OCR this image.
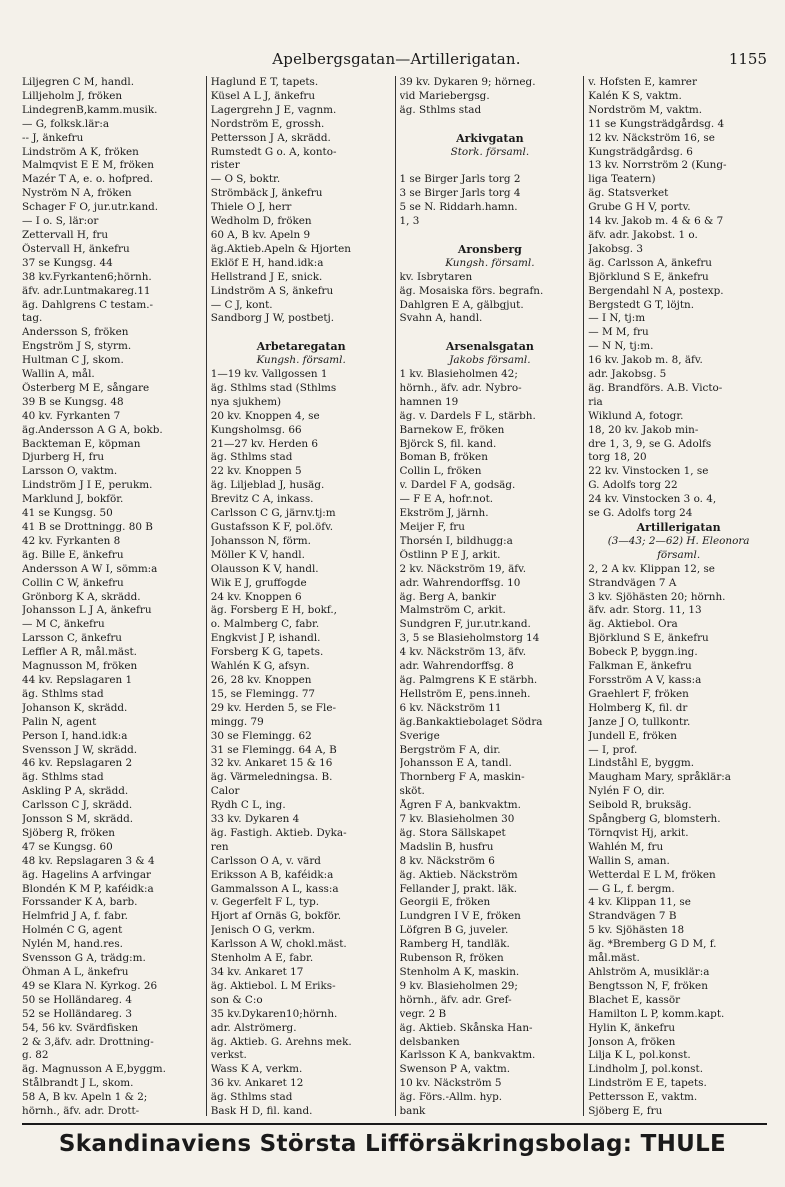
Apelbergsgatan—Artillerigatan.	1155
Liljegren C M, handl.
Lilljeholm J, fröken
LindegrenB,kamm.musik.
— G, folksk.lär:a
-- J, änkefru
Lindström A K, fröken
Malmqvist E E M, fröken
Mazér T A, e. o. hofpred.
Nyström N A, fröken
Schager F O, jur.utr.kand.
— I o. S, lär:or
Zettervall H, fru
Östervall H, änkefru
37 se Kungsg. 44
38 kv.Fyrkanten6;hörnh.
äfv. adr.Luntmakareg.11
äg. Dahlgrens C testam.-
tag.
Andersson S, fröken
Engström J S, styrm.
Hultman C J, skom.
Wallin A, mål.
Österberg M E, sångare
39 B se Kungsg. 48
40 kv. Fyrkanten 7
äg.Andersson A G A, bokb.
Backteman E, köpman
Djurberg H, fru
Larsson O, vaktm.
Lindström J I E, perukm.
Marklund J, bokför.
41 se Kungsg. 50
41 B se Drottningg. 80 B
42 kv. Fyrkanten 8
äg. Bille E, änkefru
Andersson A W I, sömm:a
Collin C W, änkefru
Grönborg K A, skrädd.
Johansson L J A, änkefru
— M C, änkefru
Larsson C, änkefru
Leffler A R, mål.mäst.
Magnusson M, fröken
44 kv. Repslagaren 1
äg. Sthlms stad
Johanson K, skrädd.
Palin N, agent
Person I, hand.idk:a
Svensson J W, skrädd.
46 kv. Repslagaren 2
äg. Sthlms stad
Askling P A, skrädd.
Carlsson C J, skrädd.
Jonsson S M, skrädd.
Sjöberg R, fröken
47 se Kungsg. 60
48 kv. Repslagaren 3 & 4
äg. Hagelins A arfvingar
Blondén K M P, kaféidk:a
Forssander K A, barb.
Helmfrid J A, f. fabr.
Holmén C G, agent
Nylén M, hand.res.
Svensson G A, trädg:m.
Öhman A L, änkefru
49 se Klara N. Kyrkog. 26
50 se Holländareg. 4
52 se Holländareg. 3
54, 56 kv. Svärdfisken
2 & 3,äfv. adr. Drottning-
g. 82
äg. Magnusson A E,byggm.
Stålbrandt J L, skom.
58 A, B kv. Apeln 1 & 2;
hörnh., äfv. adr. Drott-
Haglund E T, tapets.
Küsel A L J, änkefru
Lagergrehn J E, vagnm.
Nordström E, grossh.
Pettersson J A, skrädd.
Rumstedt G o. A, konto-
rister
— O S, boktr.
Strömbäck J, änkefru
Thiele O J, herr
Wedholm D, fröken
60 A, B kv. Apeln 9
äg.Aktieb.Apeln & Hjorten
Eklöf E H, hand.idk:a
Hellstrand J E, snick.
Lindström A S, änkefru
— C J, kont.
Sandborg J W, postbetj.

Arbetaregatan
Kungsh. församl.
1—19 kv. Vallgossen 1
äg. Sthlms stad (Sthlms
nya sjukhem)
20 kv. Knoppen 4, se
Kungsholmsg. 66
21—27 kv. Herden 6
äg. Sthlms stad
22 kv. Knoppen 5
äg. Liljeblad J, husäg.
Brevitz C A, inkass.
Carlsson C G, järnv.tj:m
Gustafsson K F, pol.öfv.
Johansson N, förm.
Möller K V, handl.
Olausson K V, handl.
Wik E J, gruffogde
24 kv. Knoppen 6
äg. Forsberg E H, bokf.,
o. Malmberg C, fabr.
Engkvist J P, ishandl.
Forsberg K G, tapets.
Wahlén K G, afsyn.
26, 28 kv. Knoppen
15, se Flemingg. 77
29 kv. Herden 5, se Fle-
mingg. 79
30 se Flemingg. 62
31 se Flemingg. 64 A, B
32 kv. Ankaret 15 & 16
äg. Värmeledningsa. B.
Calor
Rydh C L, ing.
33 kv. Dykaren 4
äg. Fastigh. Aktieb. Dyka-
ren
Carlsson O A, v. värd
Eriksson A B, kaféidk:a
Gammalsson A L, kass:a
v. Gegerfelt F L, typ.
Hjort af Ornäs G, bokför.
Jenisch O G, verkm.
Karlsson A W, chokl.mäst.
Stenholm A E, fabr.
34 kv. Ankaret 17
äg. Aktiebol. L M Eriks-
son & C:o
35 kv.Dykaren10;hörnh.
adr. Alströmerg.
äg. Aktieb. G. Arehns mek.
verkst.
Wass K A, verkm.
36 kv. Ankaret 12
äg. Sthlms stad
Bask H D, fil. kand.
39 kv. Dykaren 9; hörneg.
vid Mariebergsg.
äg. Sthlms stad

Arkivgatan
Stork. församl.

1 se Birger Jarls torg 2
3 se Birger Jarls torg 4
5 se N. Riddarh.hamn.
1, 3

Aronsberg
Kungsh. församl.
kv. Isbrytaren
äg. Mosaiska förs. begrafn.
Dahlgren E A, gälbgjut.
Svahn A, handl.

Arsenalsgatan
Jakobs församl.
1 kv. Blasieholmen 42;
hörnh., äfv. adr. Nybro-
hamnen 19
äg. v. Dardels F L, stärbh.
Barnekow E, fröken
Björck S, fil. kand.
Boman B, fröken
Collin L, fröken
v. Dardel F A, godsäg.
— F E A, hofr.not.
Ekström J, järnh.
Meijer F, fru
Thorsén I, bildhugg:a
Östlinn P E J, arkit.
2 kv. Näckström 19, äfv.
adr. Wahrendorffsg. 10
äg. Berg A, bankir
Malmström C, arkit.
Sundgren F, jur.utr.kand.
3, 5 se Blasieholmstorg 14
4 kv. Näckström 13, äfv.
adr. Wahrendorffsg. 8
äg. Palmgrens K E stärbh.
Hellström E, pens.inneh.
6 kv. Näckström 11
äg.Bankaktiebolaget Södra
Sverige
Bergström F A, dir.
Johansson E A, tandl.
Thornberg F A, maskin-
sköt.
Ågren F A, bankvaktm.
7 kv. Blasieholmen 30
äg. Stora Sällskapet
Madslin B, husfru
8 kv. Näckström 6
äg. Aktieb. Näckström
Fellander J, prakt. läk.
Georgii E, fröken
Lundgren I V E, fröken
Löfgren B G, juveler.
Ramberg H, tandläk.
Rubenson R, fröken
Stenholm A K, maskin.
9 kv. Blasieholmen 29;
hörnh., äfv. adr. Gref-
vegr. 2 B
äg. Aktieb. Skånska Han-
delsbanken
Karlsson K A, bankvaktm.
Swenson P A, vaktm.
10 kv. Näckström 5
äg. Förs.-Allm. hyp.
bank
v. Hofsten E, kamrer
Kalén K S, vaktm.
Nordström M, vaktm.
11 se Kungsträdgårdsg. 4
12 kv. Näckström 16, se
Kungsträdgårdsg. 6
13 kv. Norrström 2 (Kung-
liga Teatern)
äg. Statsverket
Grube G H V, portv.
14 kv. Jakob m. 4 & 6 & 7
äfv. adr. Jakobst. 1 o.
Jakobsg. 3
äg. Carlsson A, änkefru
Björklund S E, änkefru
Bergendahl N A, postexp.
Bergstedt G T, löjtn.
— I N, tj:m
— M M, fru
— N N, tj:m.
16 kv. Jakob m. 8, äfv.
adr. Jakobsg. 5
äg. Brandförs. A.B. Victo-
ria
Wiklund A, fotogr.
18, 20 kv. Jakob min-
dre 1, 3, 9, se G. Adolfs
torg 18, 20
22 kv. Vinstocken 1, se
G. Adolfs torg 22
24 kv. Vinstocken 3 o. 4,
se G. Adolfs torg 24
Artillerigatan
(3—43; 2—62) H. Eleonora
församl.
2, 2 A kv. Klippan 12, se
Strandvägen 7 A
3 kv. Sjöhästen 20; hörnh.
äfv. adr. Storg. 11, 13
äg. Aktiebol. Ora
Björklund S E, änkefru
Bobeck P, byggn.ing.
Falkman E, änkefru
Forsström A V, kass:a
Graehlert F, fröken
Holmberg K, fil. dr
Janze J O, tullkontr.
Jundell E, fröken
— I, prof.
Lindståhl E, byggm.
Maugham Mary, språklär:a
Nylén F O, dir.
Seibold R, bruksäg.
Spångberg G, blomsterh.
Törnqvist Hj, arkit.
Wahlén M, fru
Wallin S, aman.
Wetterdal E L M, fröken
— G L, f. bergm.
4 kv. Klippan 11, se
Strandvägen 7 B
5 kv. Sjöhästen 18
äg. *Bremberg G D M, f.
mål.mäst.
Ahlström A, musiklär:a
Bengtsson N, F, fröken
Blachet E, kassör
Hamilton L P, komm.kapt.
Hylin K, änkefru
Jonson A, fröken
Lilja K L, pol.konst.
Lindholm J, pol.konst.
Lindström E E, tapets.
Pettersson E, vaktm.
Sjöberg E, fru
Skandinaviens Största Lifförsäkringsbolag: THULE
